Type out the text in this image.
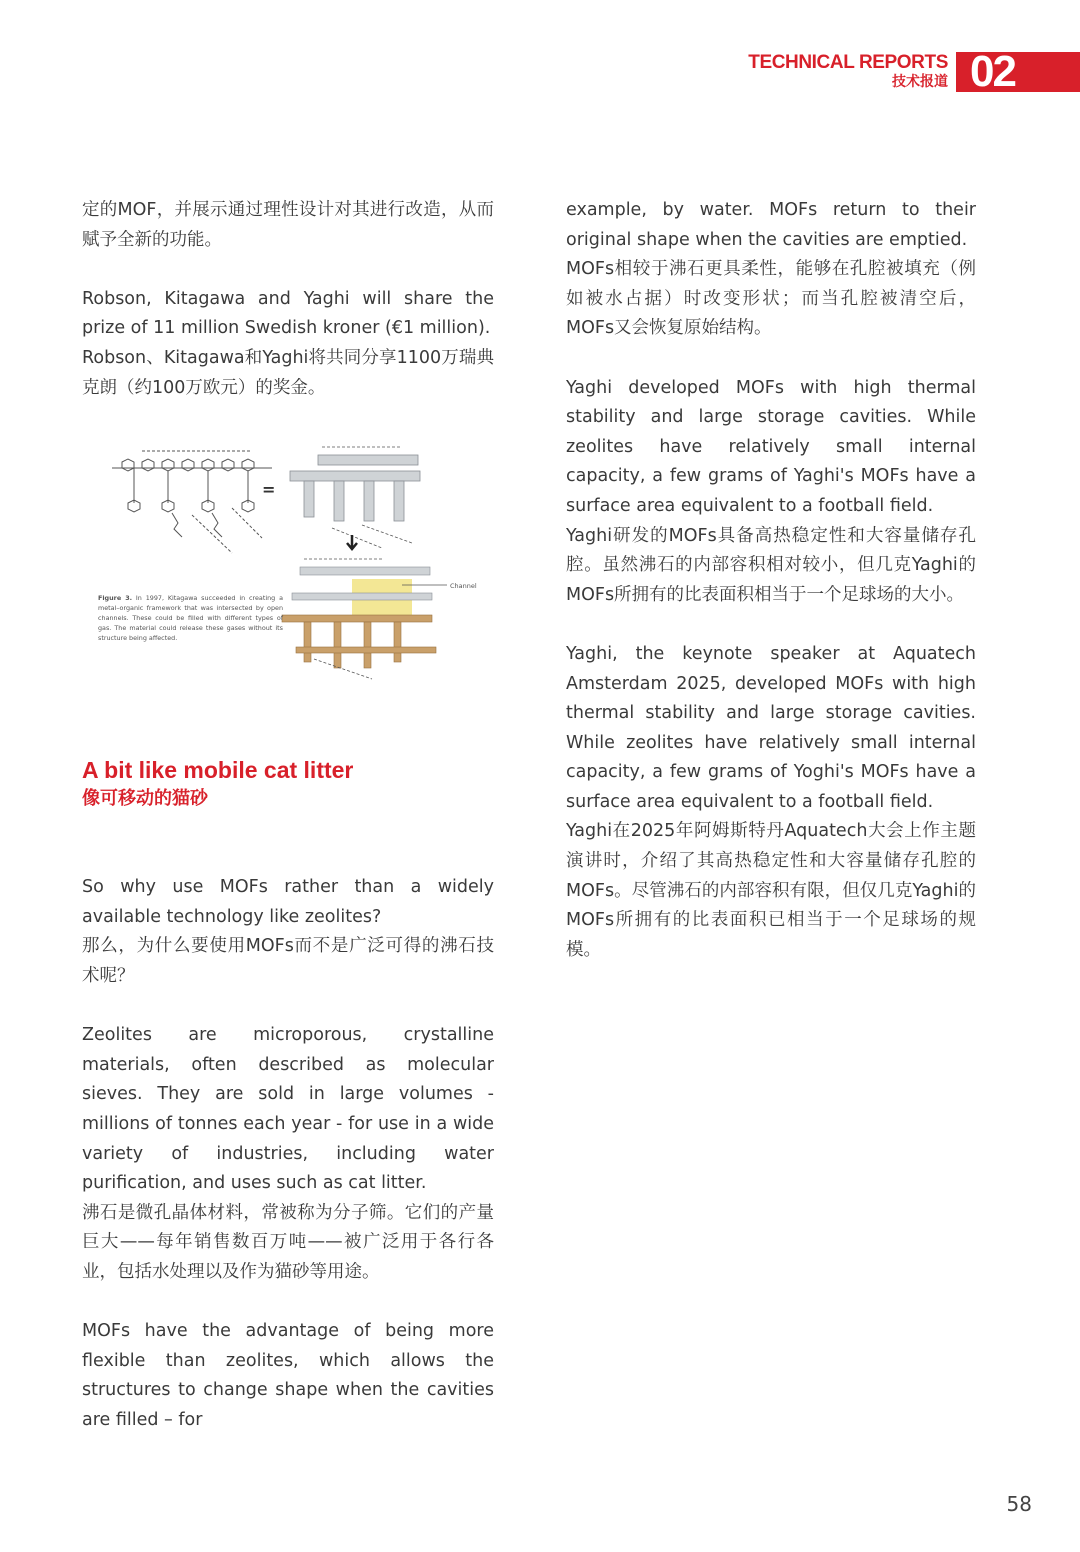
TECHNICAL REPORTS
技术报道 02

定的MOF，并展示通过理性设计对其进行改造，从而赋予全新的功能。

Robson, Kitagawa and Yaghi will share the prize of 11 million Swedish kroner (€1 million).

Robson、Kitagawa和Yaghi将共同分享1100万瑞典克朗（约100万欧元）的奖金。

=
Channel
Figure 3. In 1997, Kitagawa succeeded in creating a metal–organic framework that was intersected by open channels. These could be filled with different types of gas. The material could release these gases without its structure being affected.
A bit like mobile cat litter
像可移动的猫砂

So why use MOFs rather than a widely available technology like zeolites?

那么，为什么要使用MOFs而不是广泛可得的沸石技术呢？

Zeolites are microporous, crystalline materials, often described as molecular sieves. They are sold in large volumes - millions of tonnes each year - for use in a wide variety of industries, including water purification, and uses such as cat litter.

沸石是微孔晶体材料，常被称为分子筛。它们的产量巨大——每年销售数百万吨——被广泛用于各行各业，包括水处理以及作为猫砂等用途。

MOFs have the advantage of being more flexible than zeolites, which allows the structures to change shape when the cavities are filled – for

example, by water. MOFs return to their original shape when the cavities are emptied.

MOFs相较于沸石更具柔性，能够在孔腔被填充（例如被水占据）时改变形状；而当孔腔被清空后，MOFs又会恢复原始结构。

Yaghi developed MOFs with high thermal stability and large storage cavities. While zeolites have relatively small internal capacity, a few grams of Yaghi's MOFs have a surface area equivalent to a football field.

Yaghi研发的MOFs具备高热稳定性和大容量储存孔腔。虽然沸石的内部容积相对较小，但几克Yaghi的MOFs所拥有的比表面积相当于一个足球场的大小。

Yaghi, the keynote speaker at Aquatech Amsterdam 2025, developed MOFs with high thermal stability and large storage cavities. While zeolites have relatively small internal capacity, a few grams of Yoghi's MOFs have a surface area equivalent to a football field.

Yaghi在2025年阿姆斯特丹Aquatech大会上作主题演讲时，介绍了其高热稳定性和大容量储存孔腔的MOFs。尽管沸石的内部容积有限，但仅几克Yaghi的MOFs所拥有的比表面积已相当于一个足球场的规模。

58
